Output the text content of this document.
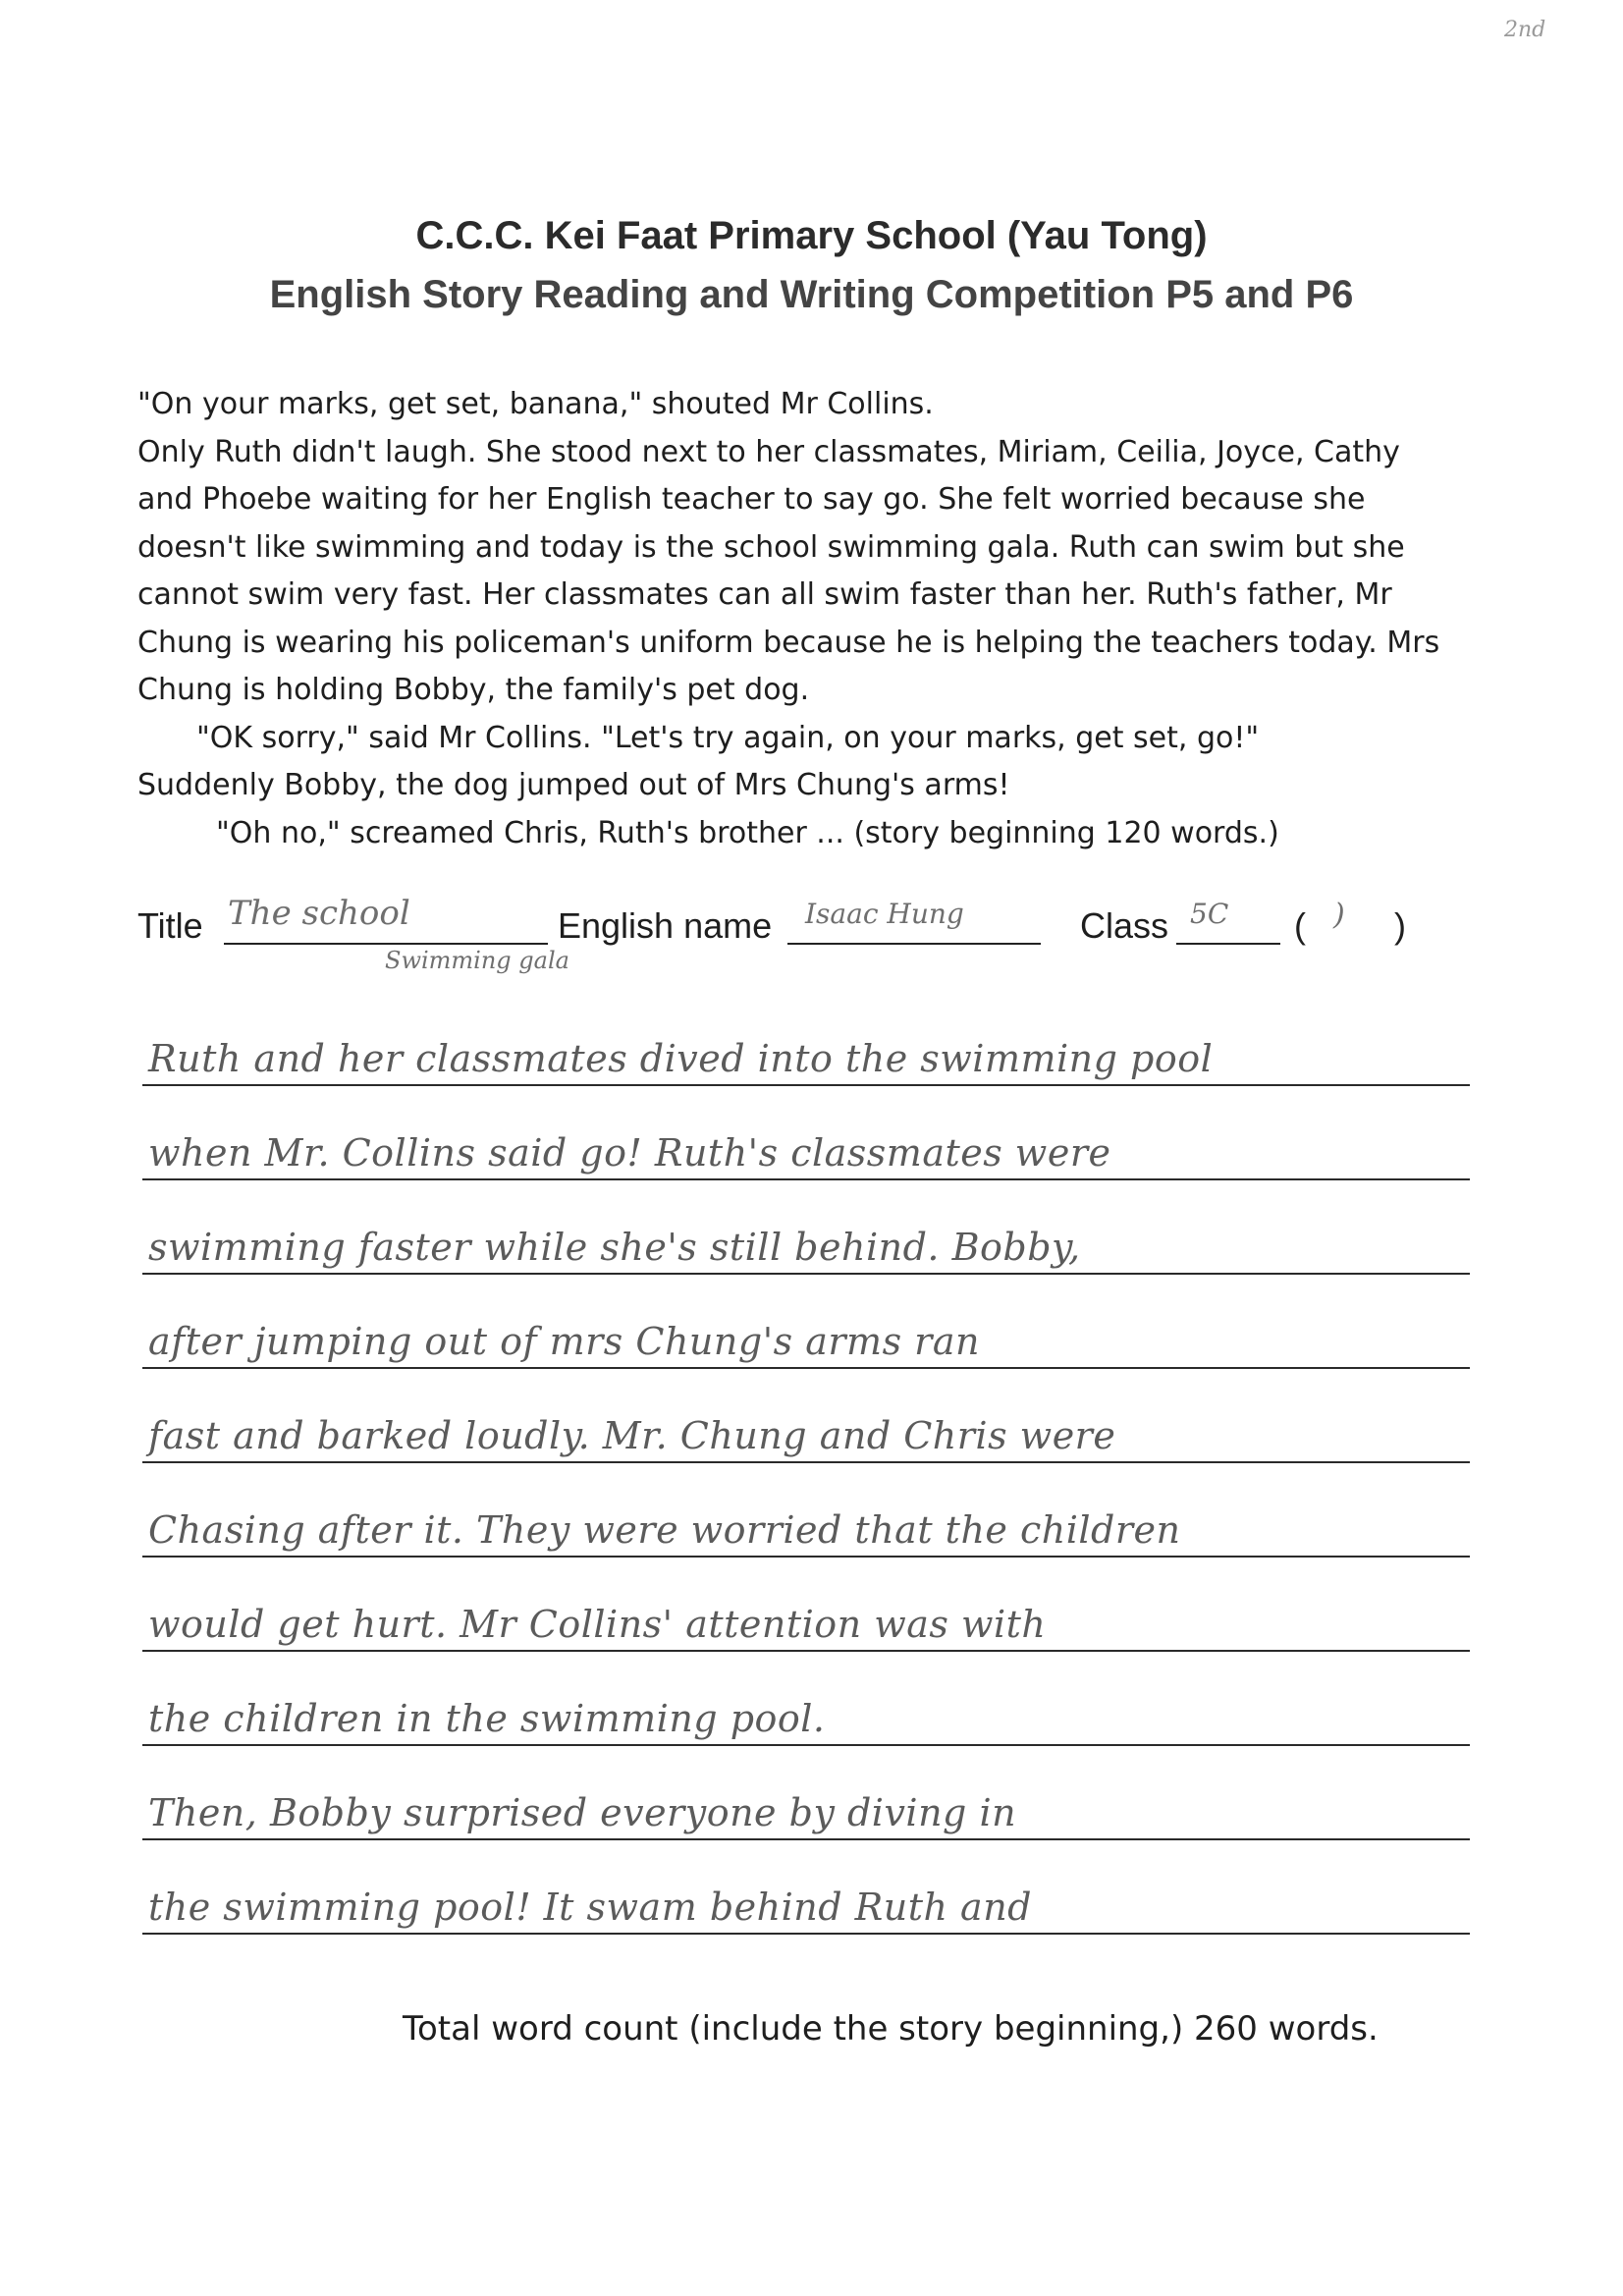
2nd
C.C.C. Kei Faat Primary School (Yau Tong)
English Story Reading and Writing Competition P5 and P6

"On your marks, get set, banana," shouted Mr Collins.

Only Ruth didn't laugh. She stood next to her classmates, Miriam, Ceilia, Joyce, Cathy

and Phoebe waiting for her English teacher to say go. She felt worried because she

doesn't like swimming and today is the school swimming gala. Ruth can swim but she

cannot swim very fast. Her classmates can all swim faster than her. Ruth's father, Mr

Chung is wearing his policeman's uniform because he is helping the teachers today. Mrs

Chung is holding Bobby, the family's pet dog.

"OK sorry," said Mr Collins. "Let's try again, on your marks, get set, go!"

Suddenly Bobby, the dog jumped out of Mrs Chung's arms!

"Oh no," screamed Chris, Ruth's brother ... (story beginning 120 words.)

Title The school
Swimming gala
English name Isaac Hung	Class 5C ( ) )
Ruth and her classmates dived into the swimming pool
when Mr. Collins said go! Ruth's classmates were
swimming faster while she's still behind. Bobby,
after jumping out of mrs Chung's arms ran
fast and barked loudly. Mr. Chung and Chris were
Chasing after it. They were worried that the children
would get hurt. Mr Collins' attention was with
the children in the swimming pool.
Then, Bobby surprised everyone by diving in
the swimming pool! It swam behind Ruth and
Total word count (include the story beginning,) 260 words.
